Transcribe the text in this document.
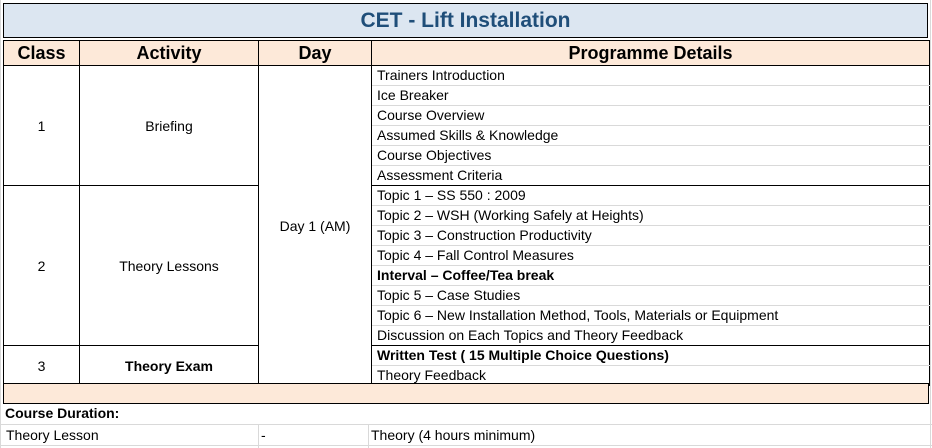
CET - Lift Installation
Class	Activity	Day	Programme Details
1	Briefing	Day 1 (AM)	Trainers Introduction
			Ice Breaker
			Course Overview
			Assumed Skills & Knowledge
			Course Objectives
			Assessment Criteria
2	Theory Lessons		Topic 1 – SS 550 : 2009
			Topic 2 – WSH (Working Safely at Heights)
			Topic 3 – Construction Productivity
			Topic 4 – Fall Control Measures
			Interval – Coffee/Tea break
			Topic 5 – Case Studies
			Topic 6 – New Installation Method, Tools, Materials or Equipment
			Discussion on Each Topics and Theory Feedback
3	Theory Exam		Written Test ( 15 Multiple Choice Questions)
			Theory Feedback
Course Duration:
Theory Lesson	-	Theory (4 hours minimum)
